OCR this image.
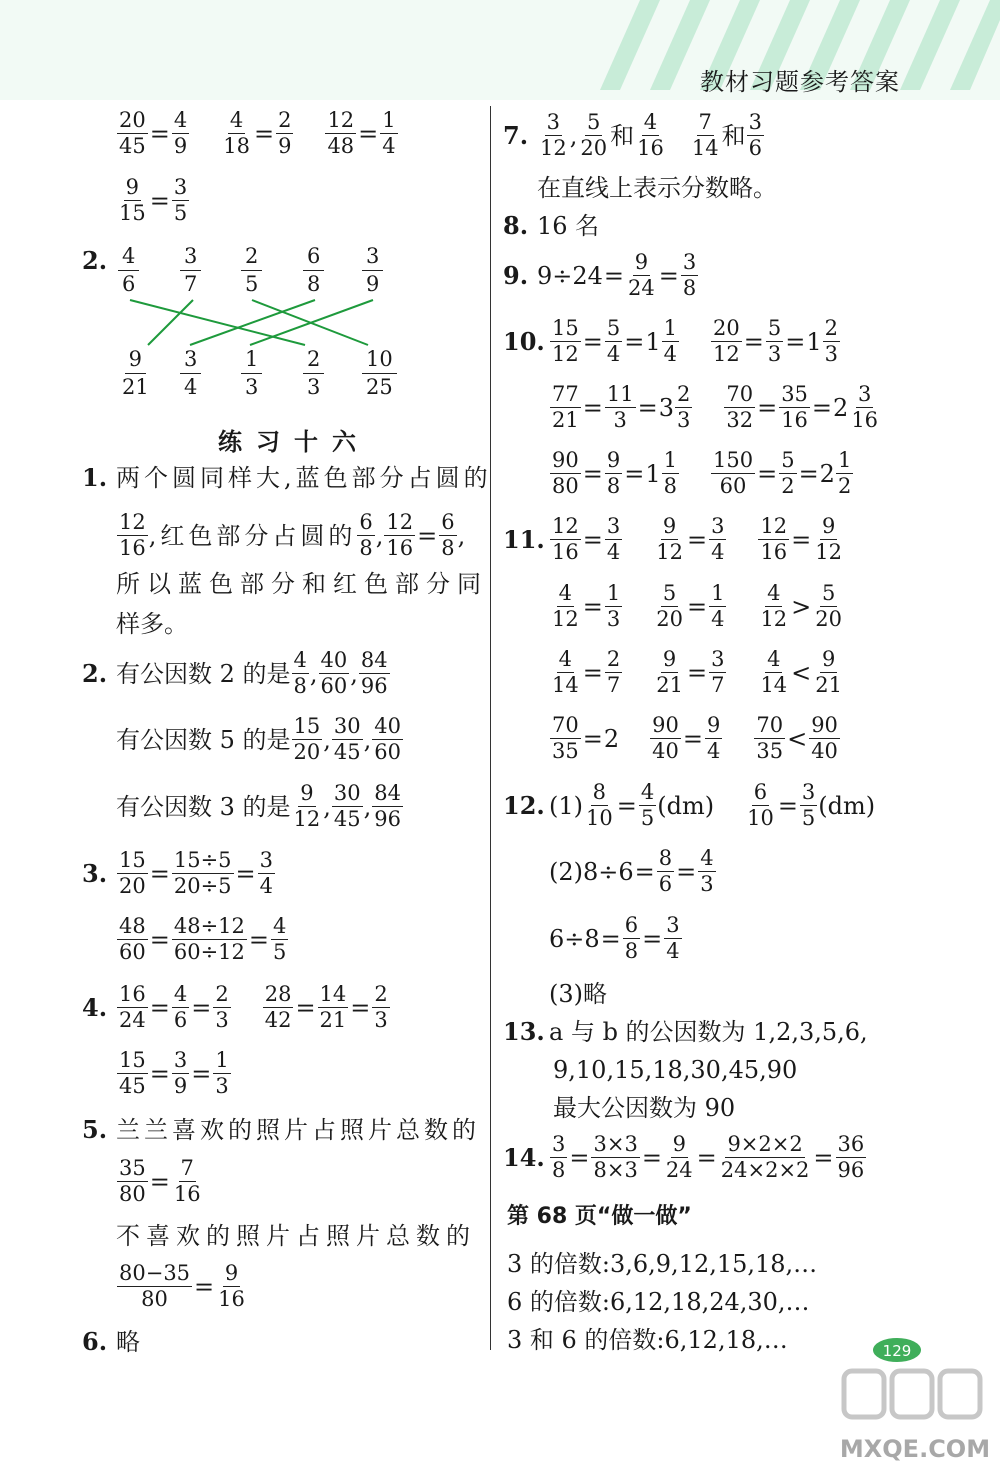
教材习题参考答案
$\frac{20}{45} = \frac{4}{9} \frac{4}{18} = \frac{2}{9} \frac{12}{48} = \frac{1}{4}$
$\frac{9}{15} = \frac{3}{5}$
2. $\frac{4}{6} \frac{3}{7} \frac{2}{5} \frac{6}{8} \frac{3}{9}$
$\frac{9}{21} \frac{3}{4} \frac{1}{3} \frac{2}{3} \frac{10}{25}$
练习十六
1. 两个圆同样大,蓝色部分占圆的
$\frac{12}{16}$ ,红色部分占圆的 $\frac{6}{8}$ , $\frac{12}{16} = \frac{6}{8}$ ,
所以蓝色部分和红色部分同
样多。
2. 有公因数 2 的是 $\frac{4}{8}$ , $\frac{40}{60}$ , $\frac{84}{96}$
有公因数 5 的是 $\frac{15}{20}$ , $\frac{30}{45}$ , $\frac{40}{60}$
有公因数 3 的是 $\frac{9}{12}$ , $\frac{30}{45}$ , $\frac{84}{96}$
3. $\frac{15}{20} = \frac{15\div 5}{20\div 5} = \frac{3}{4}$
$\frac{48}{60} = \frac{48\div 12}{60\div 12} = \frac{4}{5}$
4. $\frac{16}{24} = \frac{4}{6} = \frac{2}{3} \frac{28}{42} = \frac{14}{21} = \frac{2}{3}$
$\frac{15}{45} = \frac{3}{9} = \frac{1}{3}$
5. 兰兰喜欢的照片占照片总数的
$\frac{35}{80} = \frac{7}{16}$
不喜欢的照片占照片总数的
$\frac{80-35}{80} = \frac{9}{16}$
6. 略
7. $\frac{3}{12}$ , $\frac{5}{20}$ 和 $\frac{4}{16} \frac{7}{14}$ 和 $\frac{3}{6}$
在直线上表示分数略。
8. 16 名
9. $9\div 24 = \frac{9}{24} = \frac{3}{8}$
10. $\frac{15}{12} = \frac{5}{4} = 1 \frac{1}{4} \frac{20}{12} = \frac{5}{3} = 1 \frac{2}{3}$
$\frac{77}{21} = \frac{11}{3} = 3 \frac{2}{3} \frac{70}{32} = \frac{35}{16} = 2 \frac{3}{16}$
$\frac{90}{80} = \frac{9}{8} = 1 \frac{1}{8} \frac{150}{60} = \frac{5}{2} = 2 \frac{1}{2}$
11. $\frac{12}{16} = \frac{3}{4} \frac{9}{12} = \frac{3}{4} \frac{12}{16} = \frac{9}{12}$
$\frac{4}{12} = \frac{1}{3} \frac{5}{20} = \frac{1}{4} \frac{4}{12} > \frac{5}{20}$
$\frac{4}{14} = \frac{2}{7} \frac{9}{21} = \frac{3}{7} \frac{4}{14} < \frac{9}{21}$
$\frac{70}{35} = 2 \frac{90}{40} = \frac{9}{4} \frac{70}{35} < \frac{90}{40}$
12. $(1) \frac{8}{10} = \frac{4}{5} (dm) \frac{6}{10} = \frac{3}{5} (dm)$
$(2)8\div 6 = \frac{8}{6} = \frac{4}{3}$
$6\div 8 = \frac{6}{8} = \frac{3}{4}$
(3)略
13. a 与 b 的公因数为 1,2,3,5,6,
9,10,15,18,30,45,90
最大公因数为 90
14. $\frac{3}{8} = \frac{3\times 3}{8\times 3} = \frac{9}{24} = \frac{9\times 2\times 2}{24\times 2\times 2} = \frac{36}{96}$
第 68 页“做一做”
3 的倍数:3,6,9,12,15,18,…
6 的倍数:6,12,18,24,30,…
3 和 6 的倍数:6,12,18,…	129
MXQE.COM
